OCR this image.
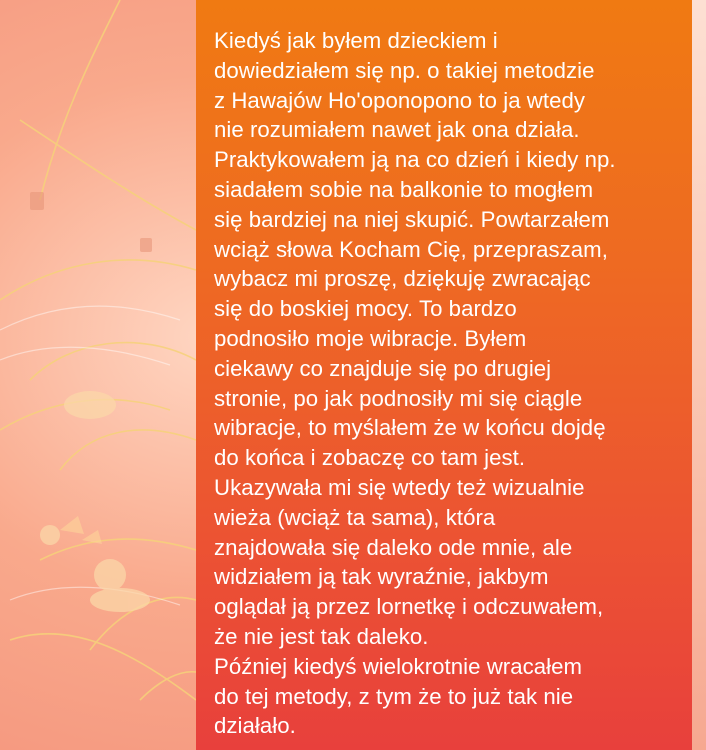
Kiedyś jak byłem dzieckiem i
dowiedziałem się np. o takiej metodzie
z Hawajów Ho'oponopono to ja wtedy
nie rozumiałem nawet jak ona działa.
Praktykowałem ją na co dzień i kiedy np.
siadałem sobie na balkonie to mogłem
się bardziej na niej skupić. Powtarzałem
wciąż słowa Kocham Cię, przepraszam,
wybacz mi proszę, dziękuję zwracając
się do boskiej mocy. To bardzo
podnosiło moje wibracje. Byłem
ciekawy co znajduje się po drugiej
stronie, po jak podnosiły mi się ciągle
wibracje, to myślałem że w końcu dojdę
do końca i zobaczę co tam jest.
Ukazywała mi się wtedy też wizualnie
wieża (wciąż ta sama), która
znajdowała się daleko ode mnie, ale
widziałem ją tak wyraźnie, jakbym
oglądał ją przez lornetkę i odczuwałem,
że nie jest tak daleko.
Później kiedyś wielokrotnie wracałem
do tej metody, z tym że to już tak nie
działało.
